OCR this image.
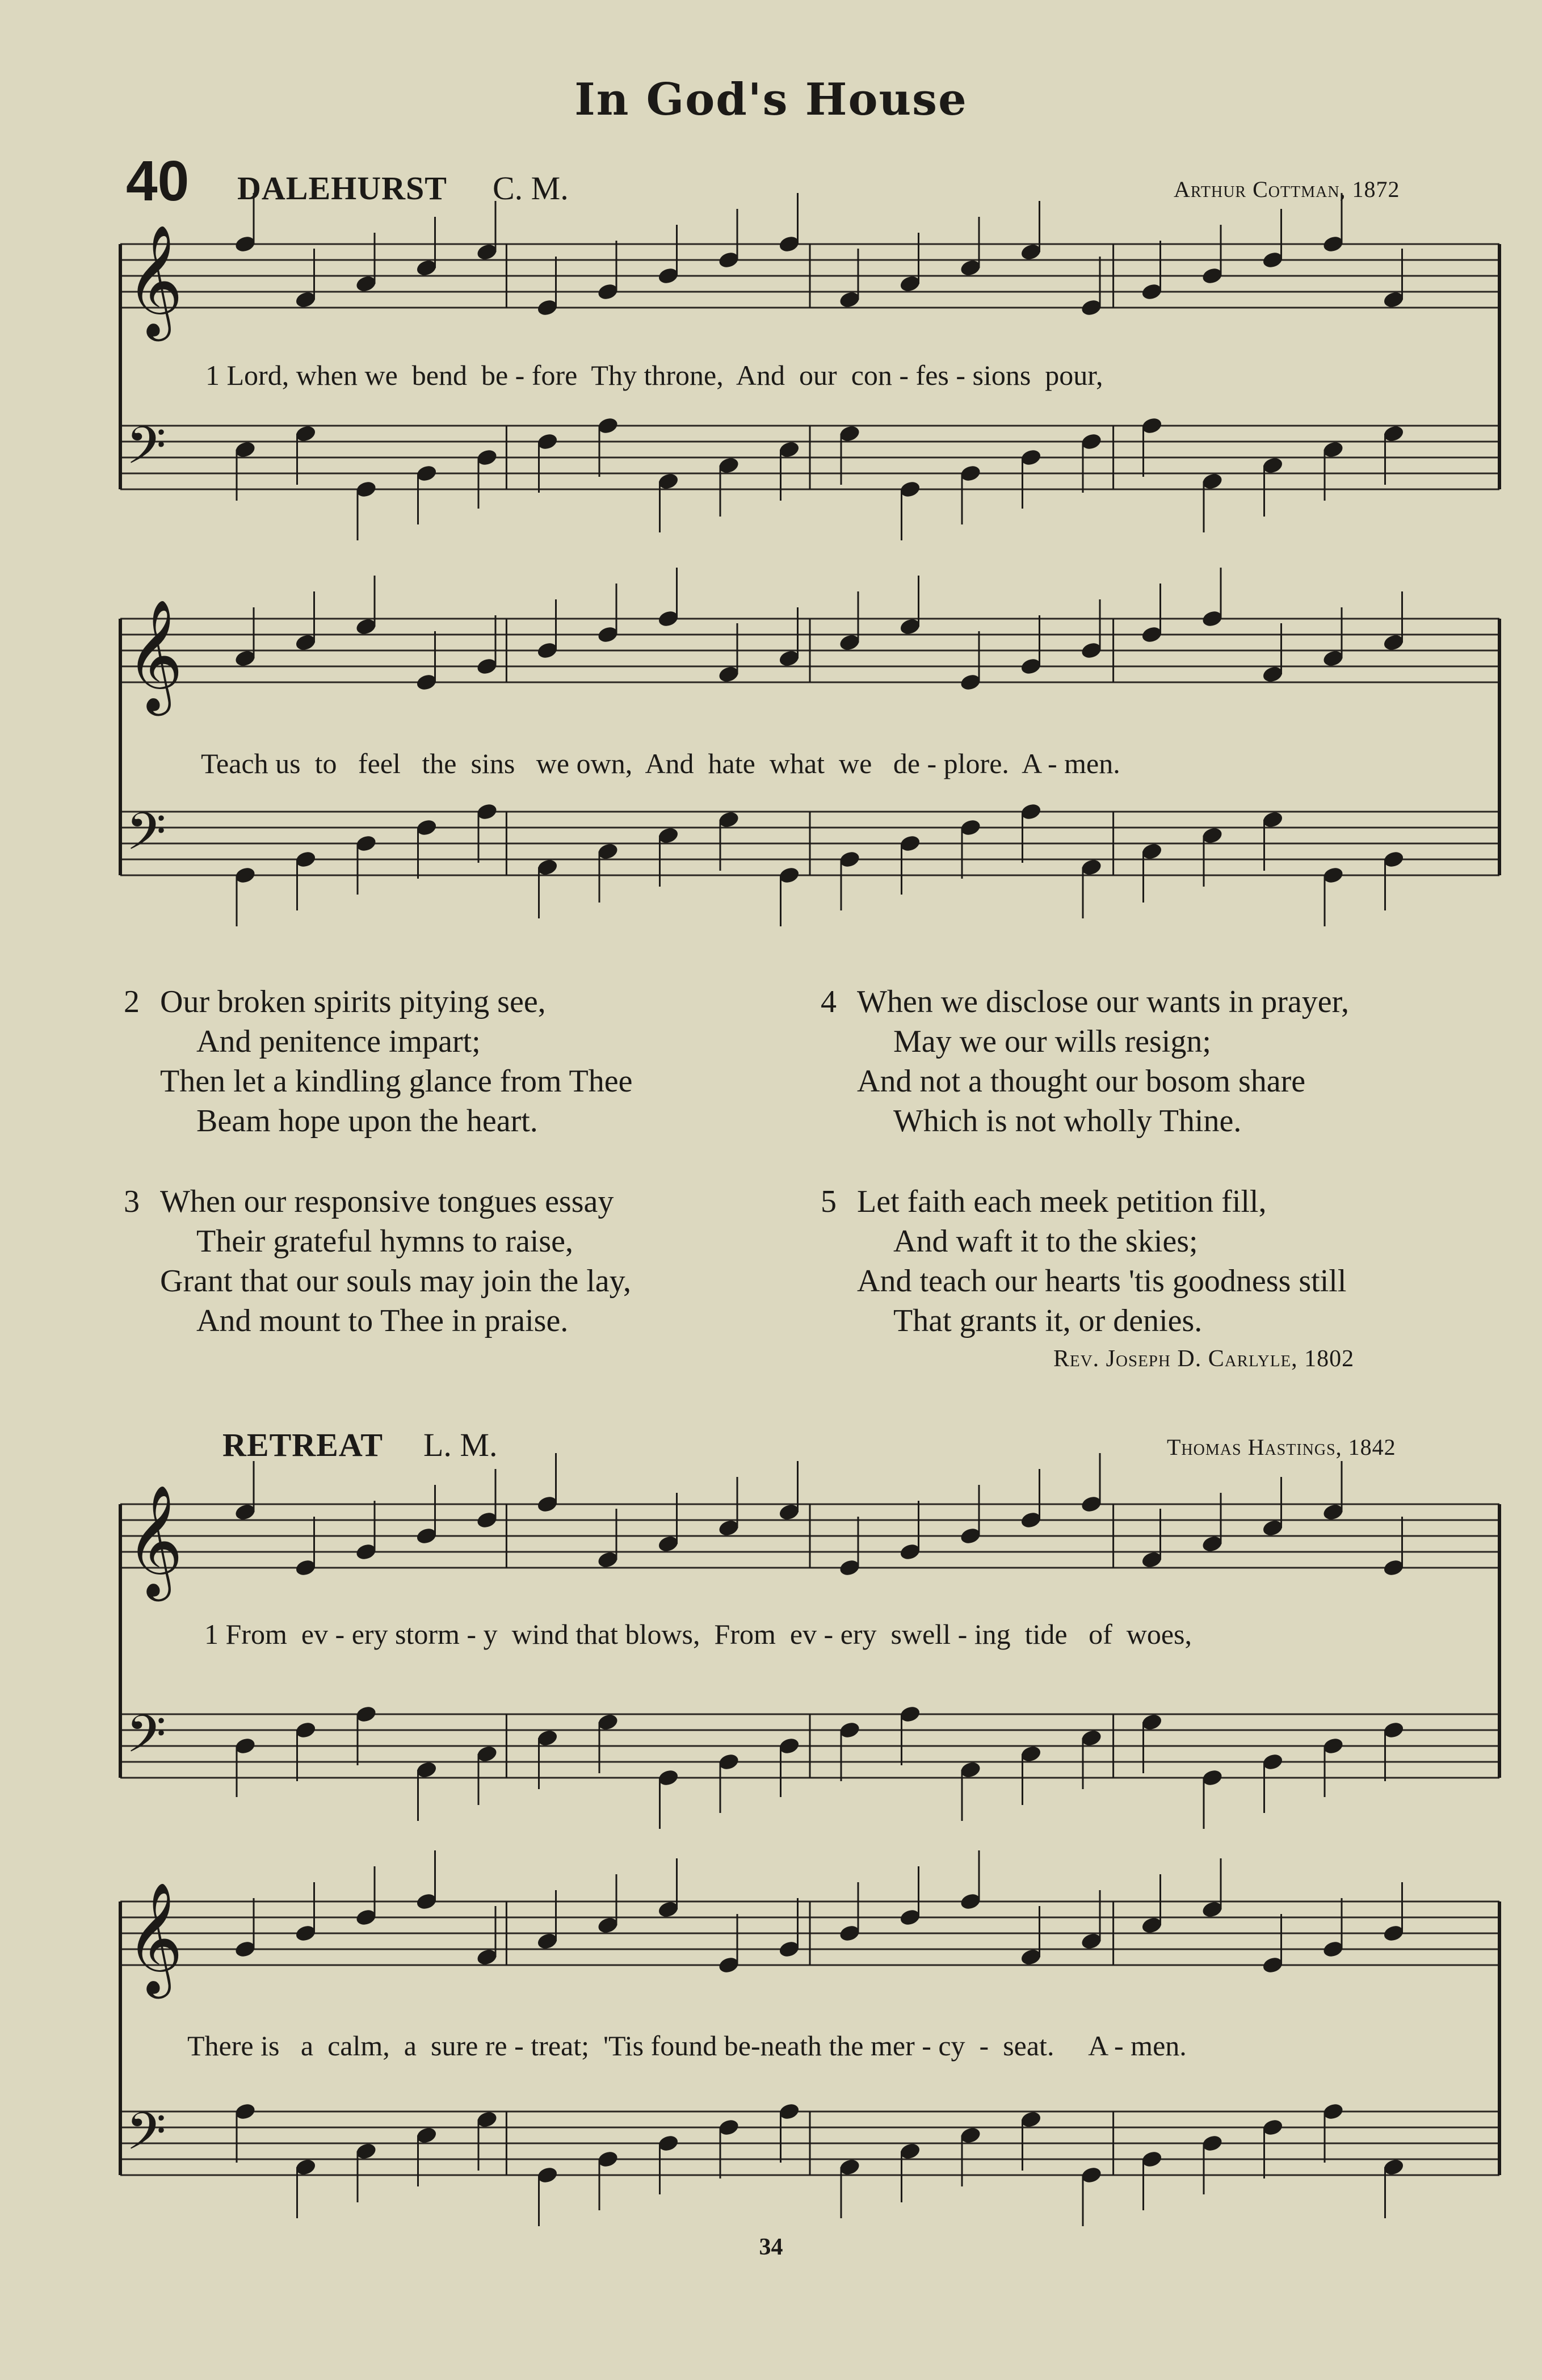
In God's House
40 DALEHURST C. M.	Arthur Cottman, 1872
𝄞
𝄢
1 Lord, when we  bend  be - fore  Thy throne,  And  our  con - fes - sions  pour,
𝄞
𝄢
Teach us  to   feel   the  sins   we own,  And  hate  what  we   de - plore.  A - men.
2 Our broken spirits pitying see,
And penitence impart;
Then let a kindling glance from Thee
Beam hope upon the heart.
3 When our responsive tongues essay
Their grateful hymns to raise,
Grant that our souls may join the lay,
And mount to Thee in praise.
4 When we disclose our wants in prayer,
May we our wills resign;
And not a thought our bosom share
Which is not wholly Thine.
5 Let faith each meek petition fill,
And waft it to the skies;
And teach our hearts 'tis goodness still
That grants it, or denies.
Rev. Joseph D. Carlyle, 1802
RETREAT L. M.	Thomas Hastings, 1842
𝄞
𝄢
1 From  ev - ery storm - y  wind that blows,  From  ev - ery  swell - ing  tide   of  woes,
𝄞
𝄢
There is   a  calm,  a  sure re - treat;  'Tis found be-neath the mer - cy  -  seat.     A - men.
34
